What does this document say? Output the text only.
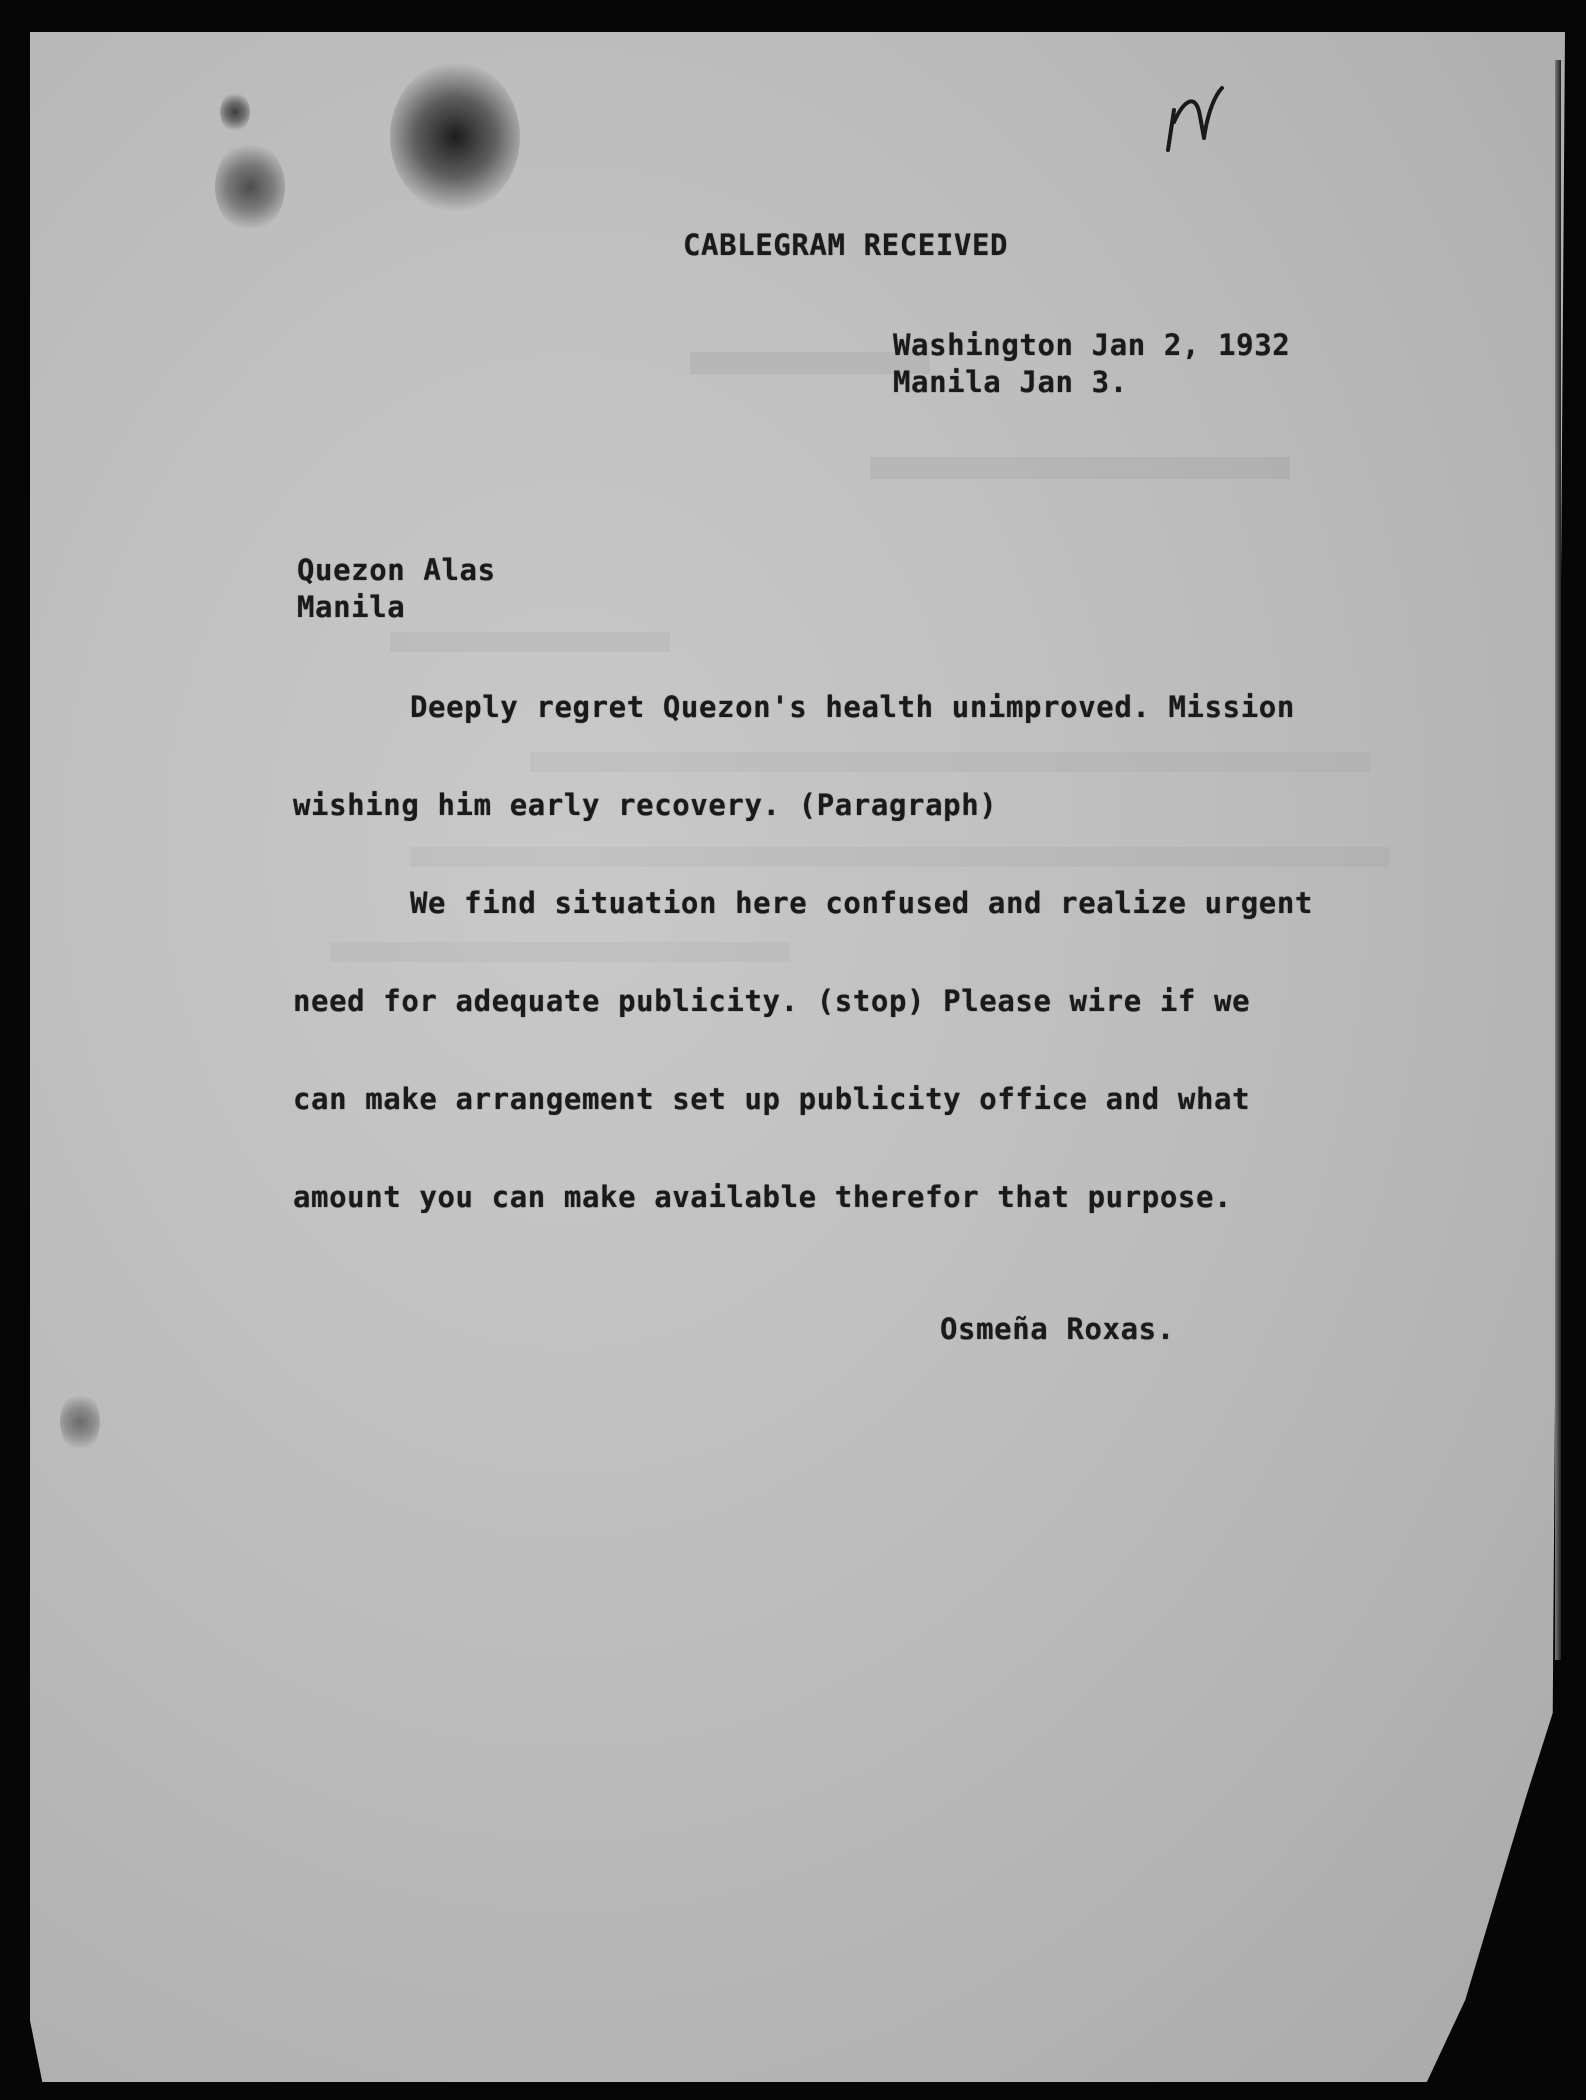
CABLEGRAM RECEIVED
Washington Jan 2, 1932
Manila Jan 3.
Quezon Alas
Manila
Deeply regret Quezon's health unimproved. Mission
wishing him early recovery. (Paragraph)
We find situation here confused and realize urgent
need for adequate publicity. (stop) Please wire if we
can make arrangement set up publicity office and what
amount you can make available therefor that purpose.
Osmeña Roxas.
